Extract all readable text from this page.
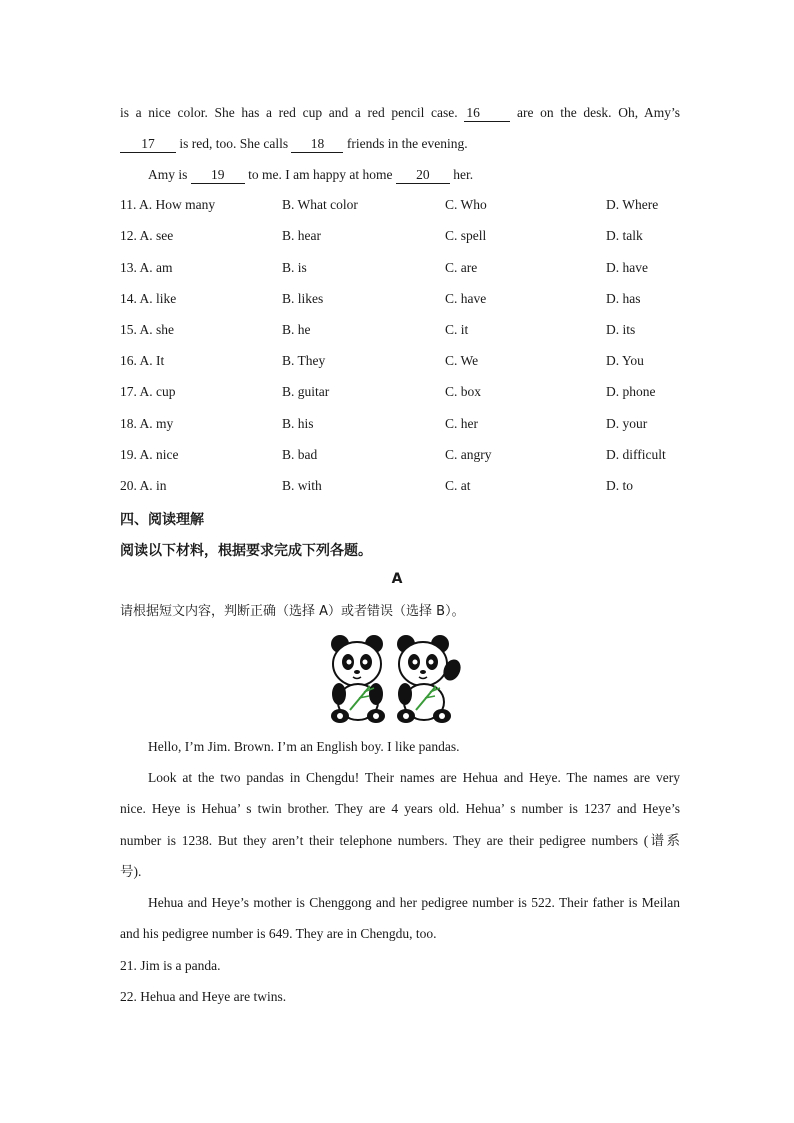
is a nice color. She has a red cup and a red pencil case. 16 are on the desk. Oh, Amy’s
17 is red, too. She calls 18 friends in the evening.
Amy is 19 to me. I am happy at home 20 her.
11. A. How many	B. What color	C. Who	D. Where
12. A. see	B. hear	C. spell	D. talk
13. A. am	B. is	C. are	D. have
14. A. like	B. likes	C. have	D. has
15. A. she	B. he	C. it	D. its
16. A. It	B. They	C. We	D. You
17. A. cup	B. guitar	C. box	D. phone
18. A. my	B. his	C. her	D. your
19. A. nice	B. bad	C. angry	D. difficult
20. A. in	B. with	C. at	D. to
四、阅读理解
阅读以下材料，根据要求完成下列各题。
A
请根据短文内容，判断正确（选择 A）或者错误（选择 B）。
Hello, I’m Jim. Brown. I’m an English boy. I like pandas.
Look at the two pandas in Chengdu! Their names are Hehua and Heye. The names are very
nice. Heye is Hehua’ s twin brother. They are 4 years old. Hehua’ s number is 1237 and Heye’s
number is 1238. But they aren’t their telephone numbers. They are their pedigree numbers (谱系
号).
Hehua and Heye’s mother is Chenggong and her pedigree number is 522. Their father is Meilan
and his pedigree number is 649. They are in Chengdu, too.
21. Jim is a panda.
22. Hehua and Heye are twins.
